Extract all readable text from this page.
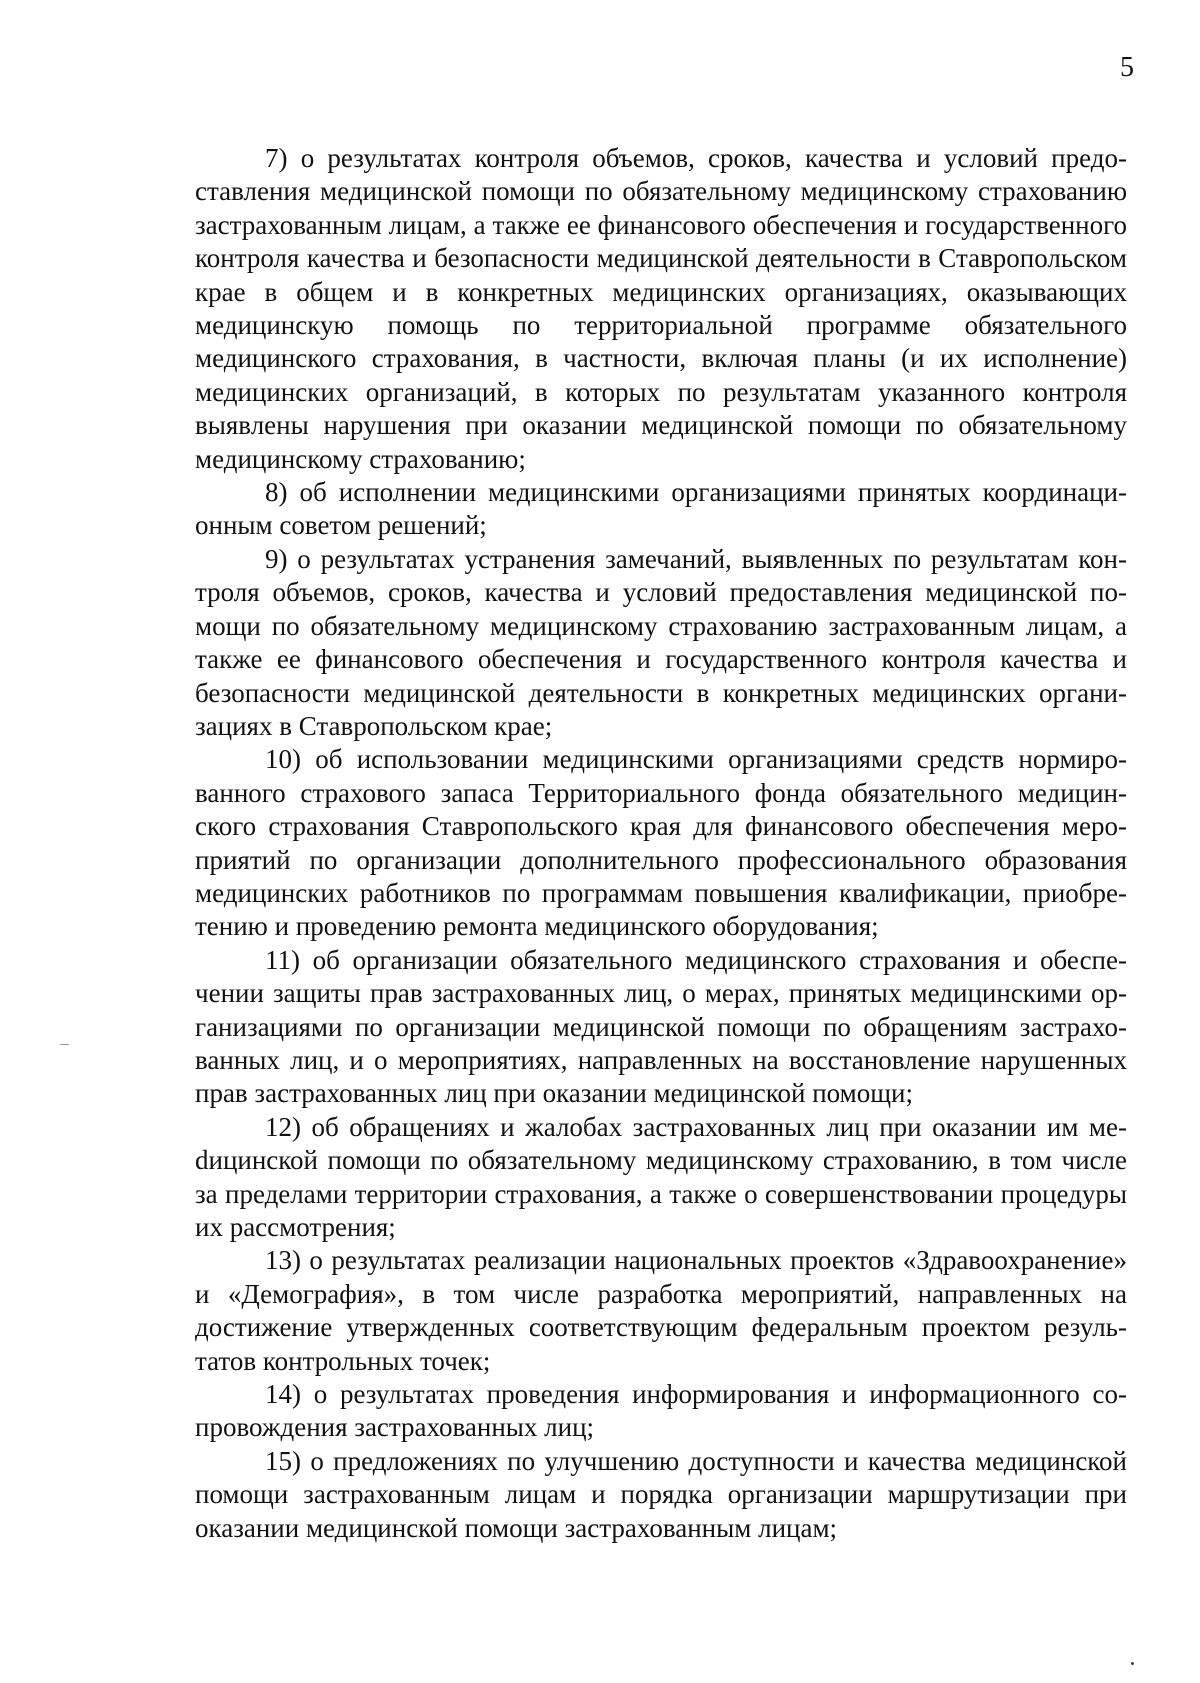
5

7) о результатах контроля объемов, сроков, качества и условий предоставления медицинской помощи по обязательному медицинскому страхованию застрахованным лицам, а также ее финансового обеспечения и государственного контроля качества и безопасности медицинской деятельности в Ставропольском крае в общем и в конкретных медицинских организациях, оказывающих медицинскую помощь по территориальной программе обязательного медицинского страхования, в частности, включая планы (и их исполнение) медицинских организаций, в которых по результатам указанного контроля выявлены нарушения при оказании медицинской помощи по обязательному медицинскому страхованию;

8) об исполнении медицинскими организациями принятых координационным советом решений;

9) о результатах устранения замечаний, выявленных по результатам контроля объемов, сроков, качества и условий предоставления медицинской помощи по обязательному медицинскому страхованию застрахованным лицам, а также ее финансового обеспечения и государственного контроля качества и безопасности медицинской деятельности в конкретных медицинских организациях в Ставропольском крае;

10) об использовании медицинскими организациями средств нормированного страхового запаса Территориального фонда обязательного медицинского страхования Ставропольского края для финансового обеспечения мероприятий по организации дополнительного профессионального образования медицинских работников по программам повышения квалификации, приобретению и проведению ремонта медицинского оборудования;

11) об организации обязательного медицинского страхования и обеспечении защиты прав застрахованных лиц, о мерах, принятых медицинскими организациями по организации медицинской помощи по обращениям застрахованных лиц, и о мероприятиях, направленных на восстановление нарушенных прав застрахованных лиц при оказании медицинской помощи;

12) об обращениях и жалобах застрахованных лиц при оказании им меdицинской помощи по обязательному медицинскому страхованию, в том числе за пределами территории страхования, а также о совершенствовании процедуры их рассмотрения;

13) о результатах реализации национальных проектов «Здравоохранение» и «Демография», в том числе разработка мероприятий, направленных на достижение утвержденных соответствующим федеральным проектом результатов контрольных точек;

14) о результатах проведения информирования и информационного сопровождения застрахованных лиц;

15) о предложениях по улучшению доступности и качества медицинской помощи застрахованным лицам и порядка организации маршрутизации при оказании медицинской помощи застрахованным лицам;
